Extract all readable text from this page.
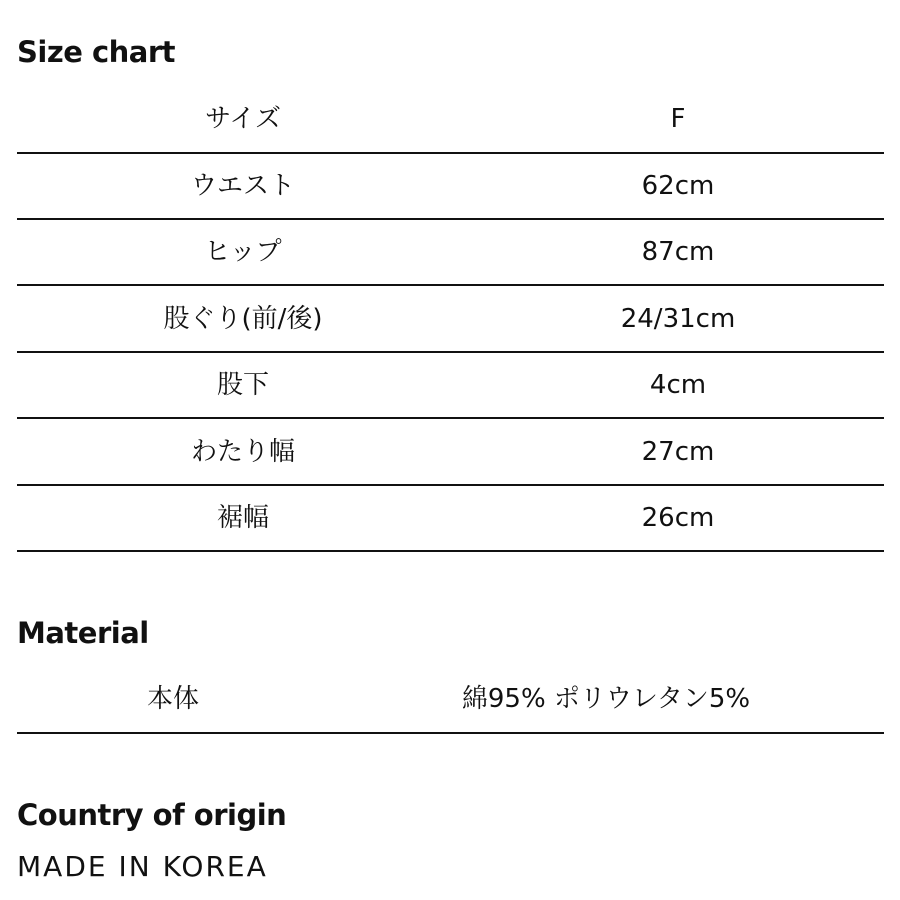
Size chart
サイズ	F
ウエスト	62cm
ヒップ	87cm
股ぐり(前/後)	24/31cm
股下	4cm
わたり幅	27cm
裾幅	26cm
Material
本体	綿95% ポリウレタン5%
Country of origin
MADE IN KOREA
